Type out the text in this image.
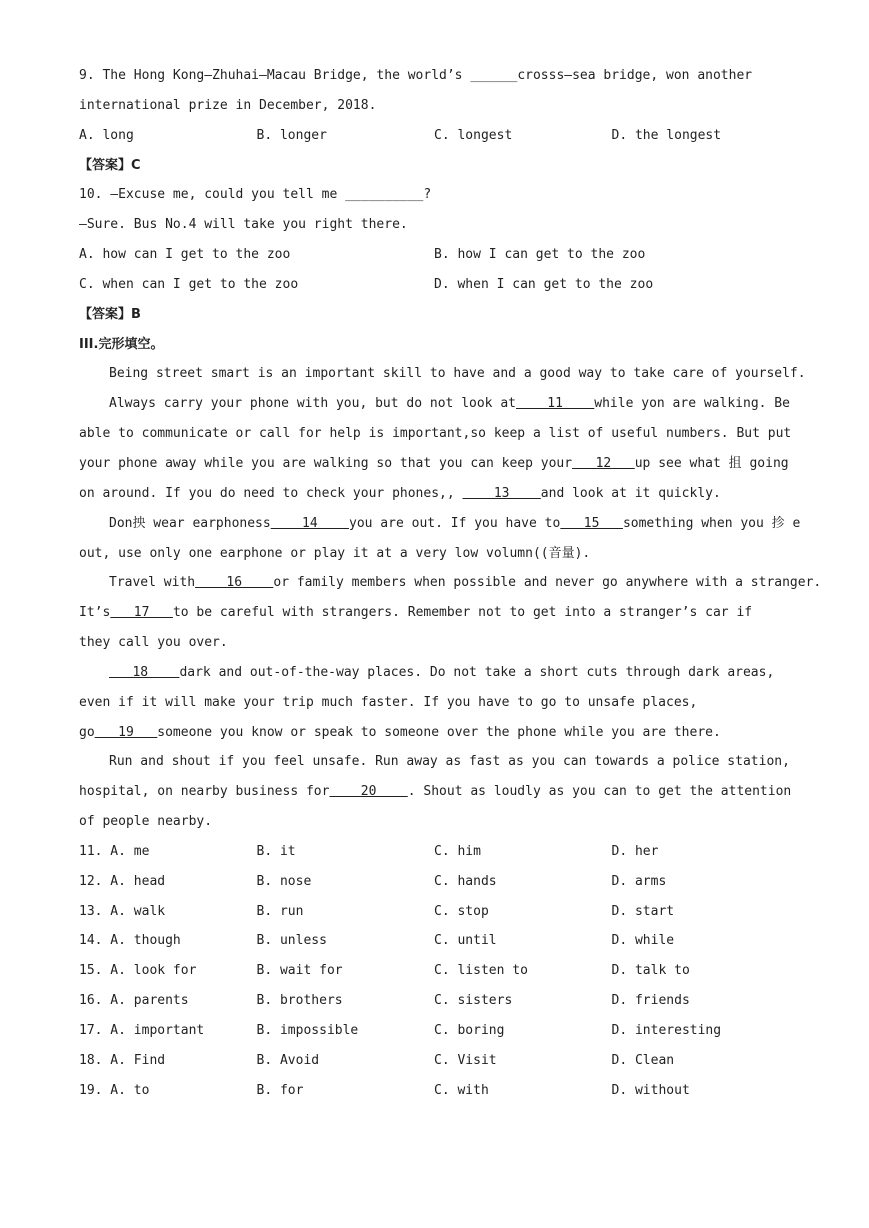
9. The Hong Kong—Zhuhai—Macau Bridge, the world’s ______crosss—sea bridge, won another
international prize in December, 2018.
A. long	B. longer	C. longest	D. the longest
【答案】C
10. —Excuse me, could you tell me __________?
—Sure. Bus No.4 will take you right there.
A. how can I get to the zoo	B. how I can get to the zoo
C. when can I get to the zoo	D. when I can get to the zoo
【答案】B
III.完形填空。
Being street smart is an important skill to have and a good way to take care of yourself.
Always carry your phone with you, but do not look at    11    while yon are walking. Be
able to communicate or call for help is important,so keep a list of useful numbers. But put
your phone away while you are walking so that you can keep your   12   up see what 抯 going
on around. If you do need to check your phones,,     13    and look at it quickly.
Don抰 wear earphoness    14    you are out. If you have to   15   something when you 抮 e
out, use only one earphone or play it at a very low volumn((音量).
Travel with    16    or family members when possible and never go anywhere with a stranger.
It’s   17   to be careful with strangers. Remember not to get into a stranger’s car if
they call you over.
18    dark and out-of-the-way places. Do not take a short cuts through dark areas,
even if it will make your trip much faster. If you have to go to unsafe places,
go   19   someone you know or speak to someone over the phone while you are there.
Run and shout if you feel unsafe. Run away as fast as you can towards a police station,
hospital, on nearby business for    20    . Shout as loudly as you can to get the attention
of people nearby.
11. A. me	B. it	C. him	D. her
12. A. head	B. nose	C. hands	D. arms
13. A. walk	B. run	C. stop	D. start
14. A. though	B. unless	C. until	D. while
15. A. look for	B. wait for	C. listen to	D. talk to
16. A. parents	B. brothers	C. sisters	D. friends
17. A. important	B. impossible	C. boring	D. interesting
18. A. Find	B. Avoid	C. Visit	D. Clean
19. A. to	B. for	C. with	D. without
